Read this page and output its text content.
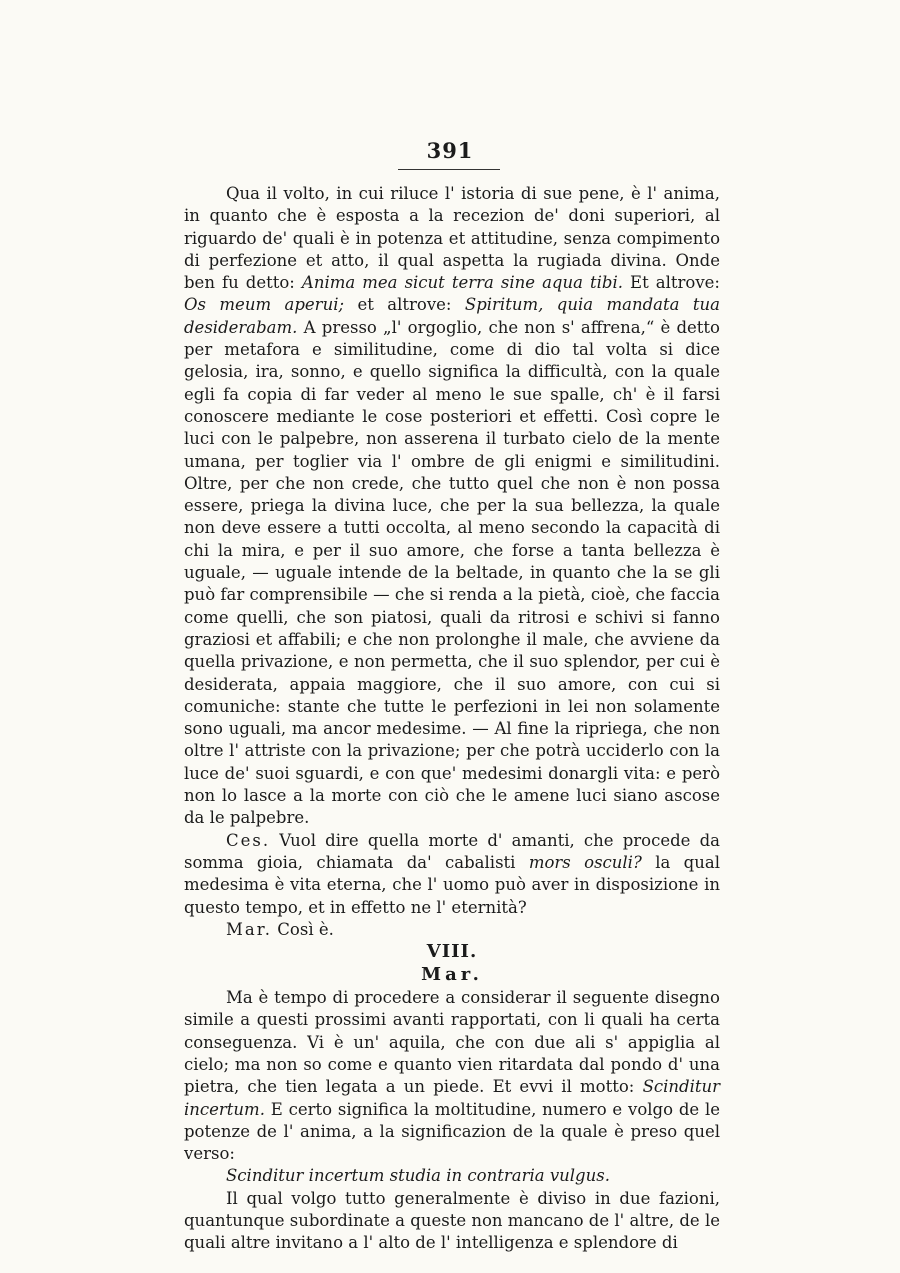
391

Qua il volto, in cui riluce l' istoria di sue pene, è l' anima, in quanto che è esposta a la recezion de' doni superiori, al riguardo de' quali è in potenza et attitudine, senza compimento di perfezione et atto, il qual aspetta la rugiada divina. Onde ben fu detto: Anima mea sicut terra sine aqua tibi. Et altrove: Os meum aperui; et altrove: Spiritum, quia mandata tua desiderabam. A presso „l' orgoglio, che non s' affrena,“ è detto per metafora e similitudine, come di dio tal volta si dice gelosia, ira, sonno, e quello significa la difficultà, con la quale egli fa copia di far veder al meno le sue spalle, ch' è il farsi conoscere mediante le cose posteriori et effetti. Così copre le luci con le palpebre, non asserena il turbato cielo de la mente umana, per toglier via l' ombre de gli enigmi e similitudini. Oltre, per che non crede, che tutto quel che non è non possa essere, priega la divina luce, che per la sua bellezza, la quale non deve essere a tutti occolta, al meno secondo la capacità di chi la mira, e per il suo amore, che forse a tanta bellezza è uguale, — uguale intende de la beltade, in quanto che la se gli può far comprensibile — che si renda a la pietà, cioè, che faccia come quelli, che son piatosi, quali da ritrosi e schivi si fanno graziosi et affabili; e che non prolonghe il male, che avviene da quella privazione, e non permetta, che il suo splendor, per cui è desiderata, appaia maggiore, che il suo amore, con cui si comuniche: stante che tutte le perfezioni in lei non solamente sono uguali, ma ancor medesime. — Al fine la ripriega, che non oltre l' attriste con la privazione; per che potrà ucciderlo con la luce de' suoi sguardi, e con que' medesimi donargli vita: e però non lo lasce a la morte con ciò che le amene luci siano ascose da le palpebre.

Ces. Vuol dire quella morte d' amanti, che procede da somma gioia, chiamata da' cabalisti mors osculi? la qual medesima è vita eterna, che l' uomo può aver in disposizione in questo tempo, et in effetto ne l' eternità?

Mar. Così è.

VIII.

Mar.

Ma è tempo di procedere a considerar il seguente disegno simile a questi prossimi avanti rapportati, con li quali ha certa conseguenza. Vi è un' aquila, che con due ali s' appiglia al cielo; ma non so come e quanto vien ritardata dal pondo d' una pietra, che tien legata a un piede. Et evvi il motto: Scinditur incertum. E certo significa la moltitudine, numero e volgo de le potenze de l' anima, a la significazion de la quale è preso quel verso:

Scinditur incertum studia in contraria vulgus.

Il qual volgo tutto generalmente è diviso in due fazioni, quantunque subordinate a queste non mancano de l' altre, de le quali altre invitano a l' alto de l' intelligenza e splendore di
